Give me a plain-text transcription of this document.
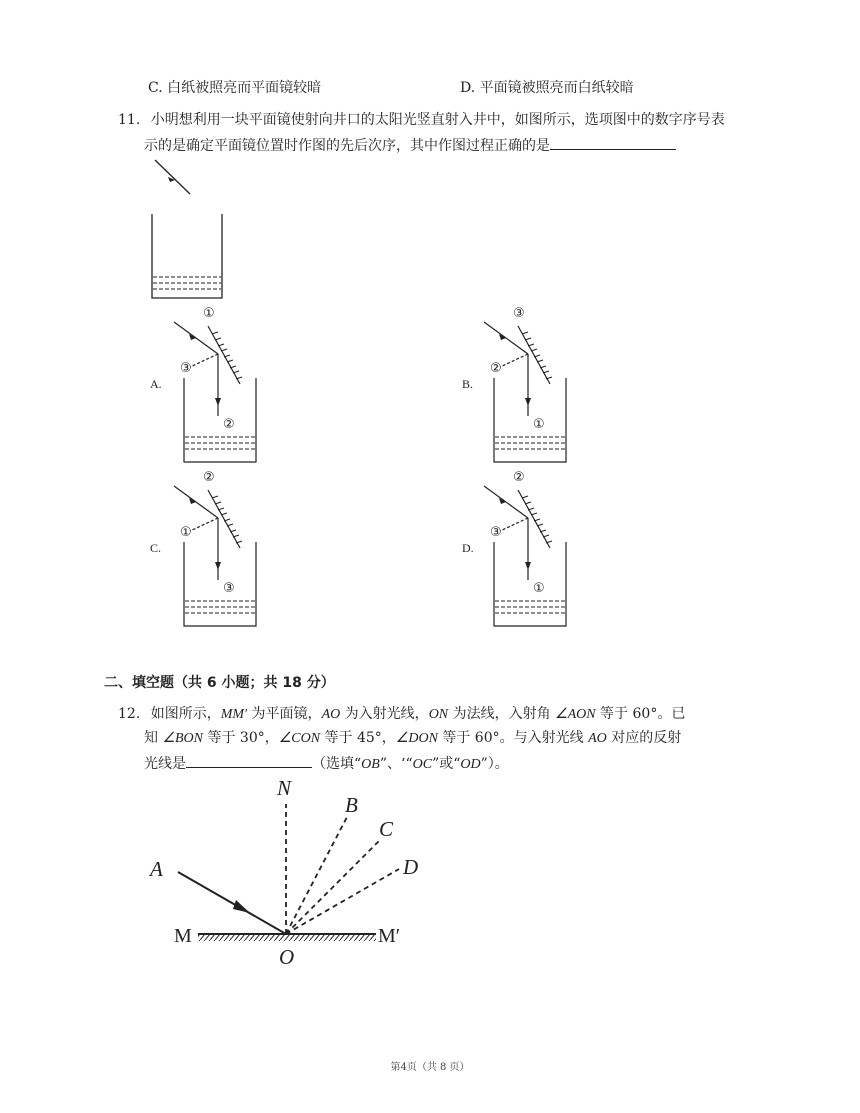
C. 白纸被照亮而平面镜较暗	D. 平面镜被照亮而白纸较暗
11. 小明想利用一块平面镜使射向井口的太阳光竖直射入井中，如图所示，选项图中的数字序号表
示的是确定平面镜位置时作图的先后次序，其中作图过程正确的是
A.
①
③
②
B.
③
②
①
C.
②
①
③
D.
②
③
①
二、填空题（共 6 小题；共 18 分）
12. 如图所示，MM′ 为平面镜，AO 为入射光线，ON 为法线，入射角 ∠AON 等于 60°。已
知 ∠BON 等于 30°，∠CON 等于 45°，∠DON 等于 60°。与入射光线 AO 对应的反射
光线是	（选填“OB”、‘“OC”或“OD”）。
N
B
C
D
A
O
M	M′
第4页（共 8 页）
